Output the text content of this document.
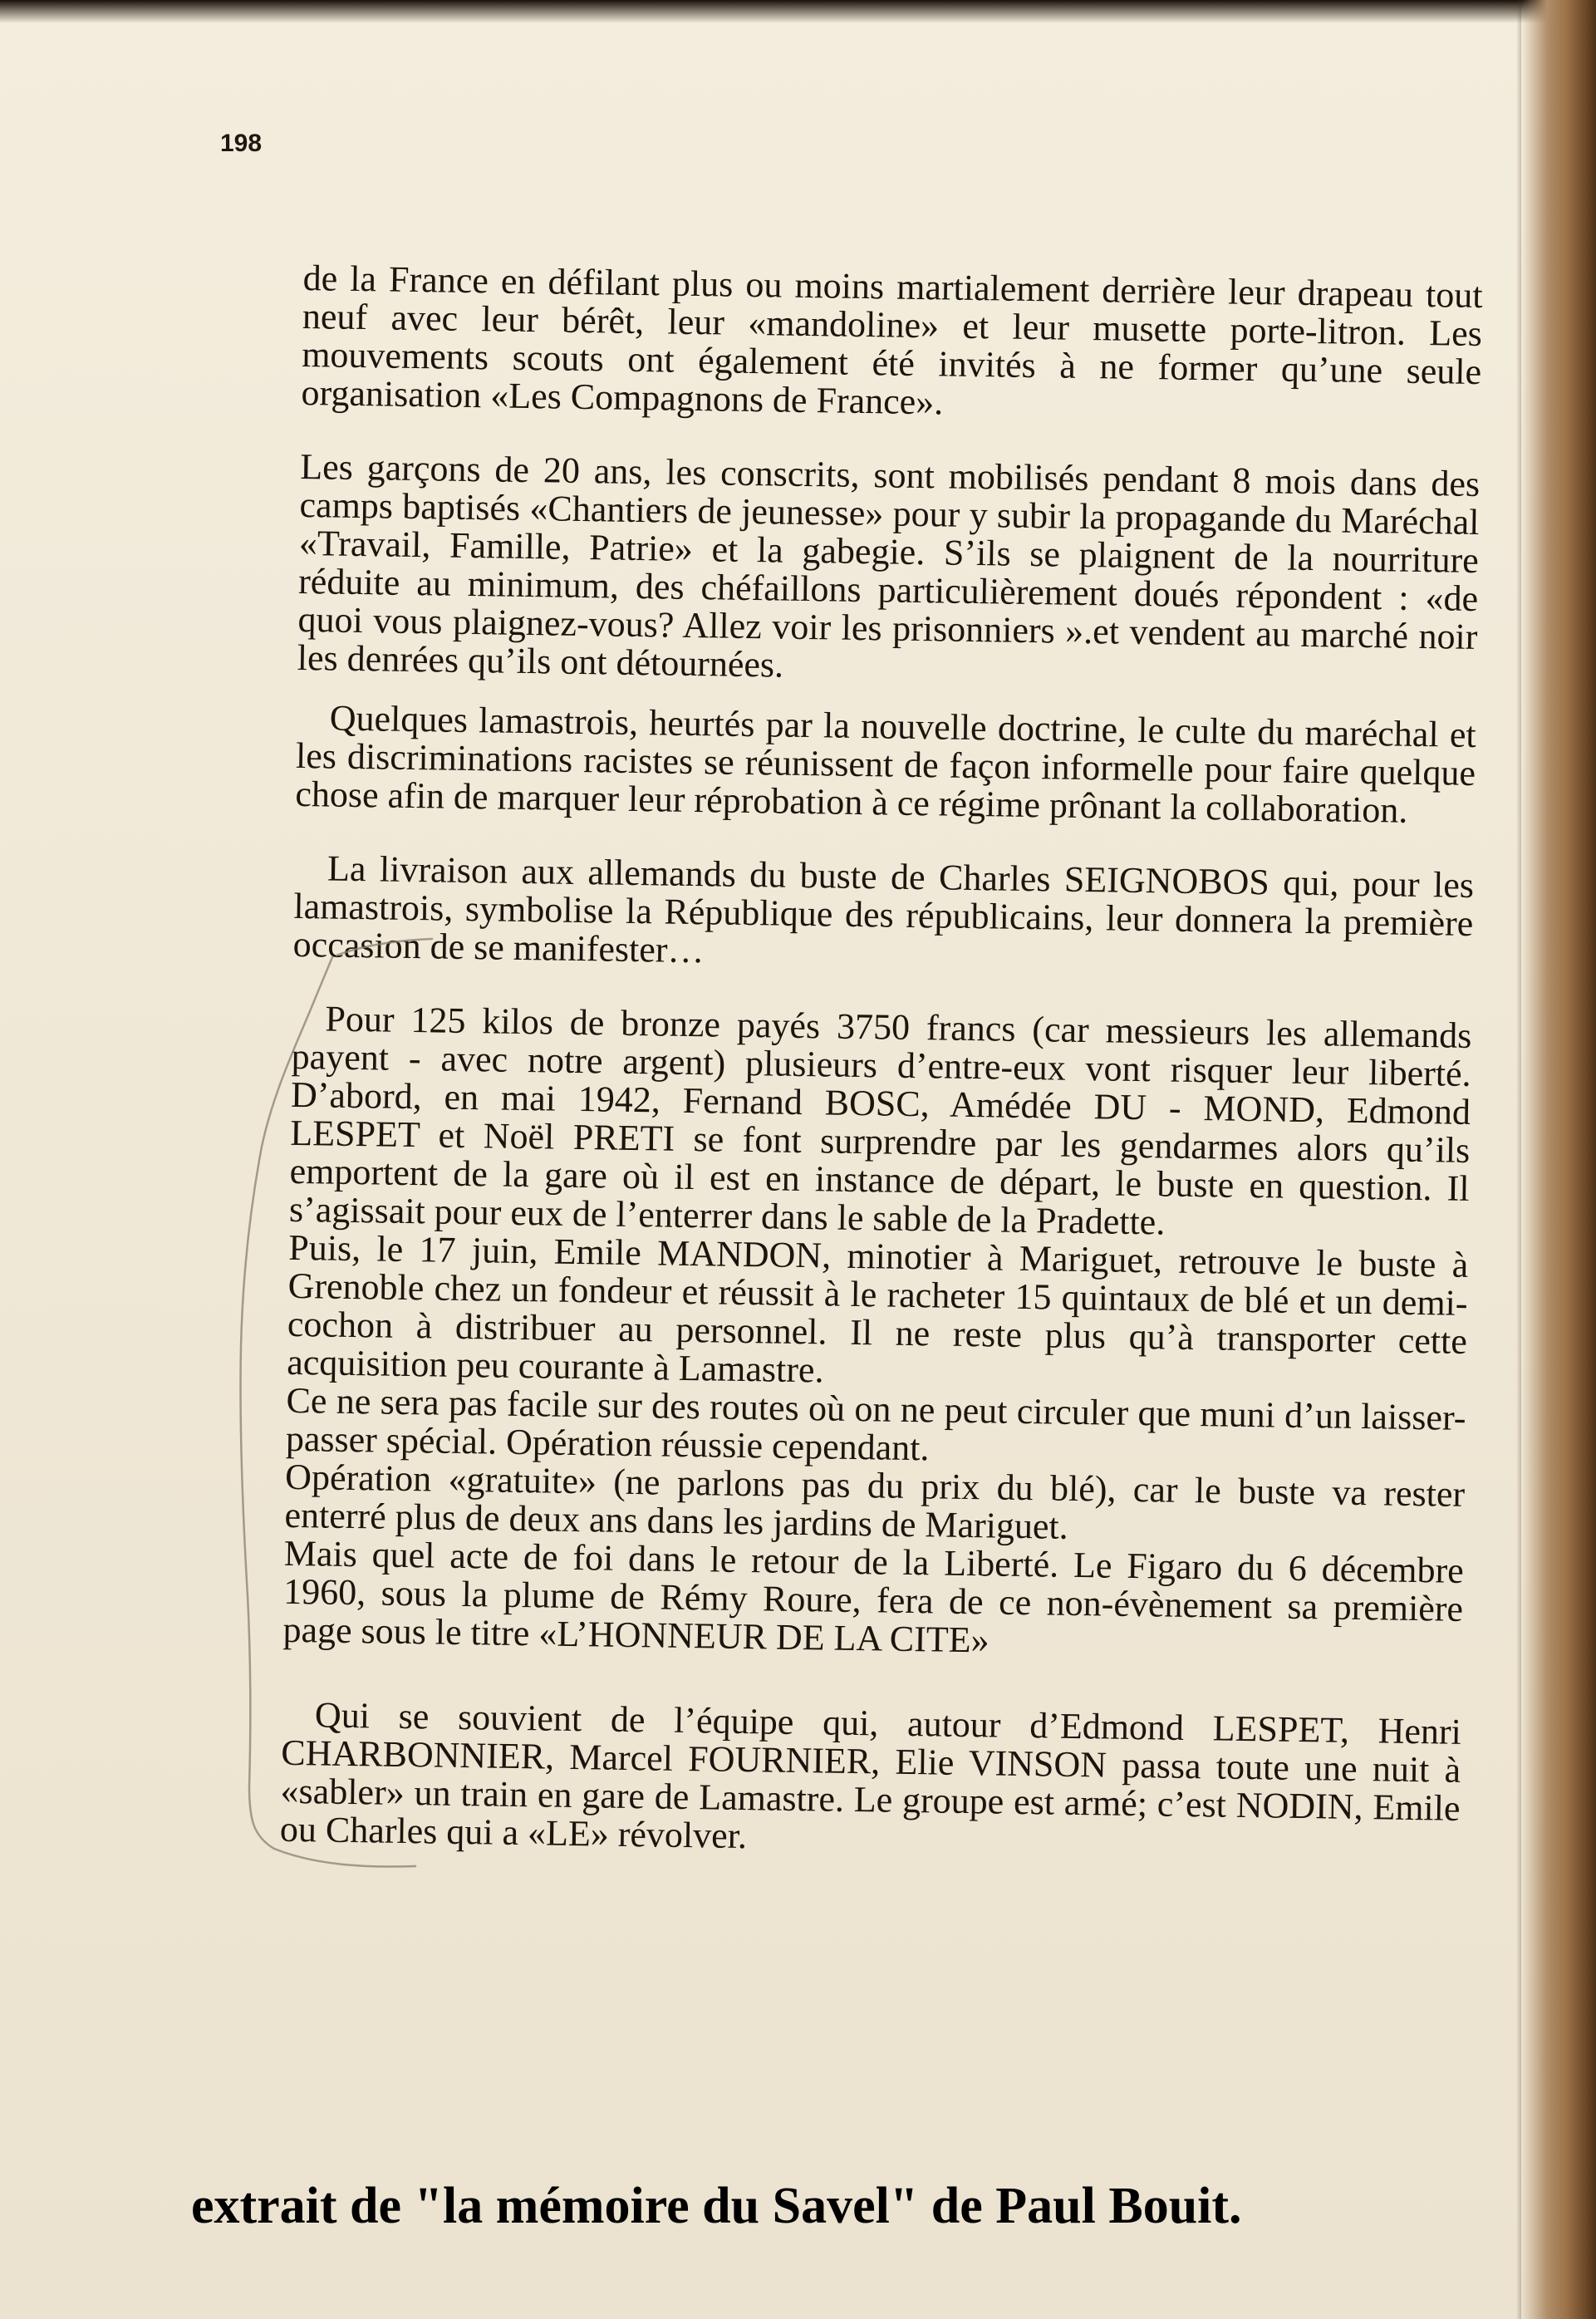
198

de la France en défilant plus ou moins martialement derrière leur drapeau tout neuf avec leur bérêt, leur «mandoline» et leur musette porte-litron. Les mouvements scouts ont également été invités à ne former qu’une seule organisation «Les Compagnons de France».

Les garçons de 20 ans, les conscrits, sont mobilisés pendant 8 mois dans des camps baptisés «Chantiers de jeunesse» pour y subir la propagande du Maréchal «Travail, Famille, Patrie» et la gabegie. S’ils se plaignent de la nourriture réduite au minimum, des chéfaillons particulièrement doués répondent : «de quoi vous plaignez-vous? Allez voir les prisonniers ».et vendent au marché noir les denrées qu’ils ont détournées.

Quelques lamastrois, heurtés par la nouvelle doctrine, le culte du maréchal et les discriminations racistes se réunissent de façon informelle pour faire quelque chose afin de marquer leur réprobation à ce régime prônant la collaboration.

La livraison aux allemands du buste de Charles SEIGNOBOS qui, pour les lamastrois, symbolise la République des républicains, leur donnera la première occasion de se manifester…

Pour 125 kilos de bronze payés 3750 francs (car messieurs les allemands payent - avec notre argent) plusieurs d’entre-eux vont risquer leur liberté. D’abord, en mai 1942, Fernand BOSC, Amédée DU - MOND, Edmond LESPET et Noël PRETI se font surprendre par les gendarmes alors qu’ils emportent de la gare où il est en instance de départ, le buste en question. Il s’agissait pour eux de l’enterrer dans le sable de la Pradette.

Puis, le 17 juin, Emile MANDON, minotier à Mariguet, retrouve le buste à Grenoble chez un fondeur et réussit à le racheter 15 quintaux de blé et un demi-cochon à distribuer au personnel. Il ne reste plus qu’à transporter cette acquisition peu courante à Lamastre.

Ce ne sera pas facile sur des routes où on ne peut circuler que muni d’un laisser-passer spécial. Opération réussie cependant.

Opération «gratuite» (ne parlons pas du prix du blé), car le buste va rester enterré plus de deux ans dans les jardins de Mariguet.

Mais quel acte de foi dans le retour de la Liberté. Le Figaro du 6 décembre 1960, sous la plume de Rémy Roure, fera de ce non-évènement sa première page sous le titre «L’HONNEUR DE LA CITE»

Qui se souvient de l’équipe qui, autour d’Edmond LESPET, Henri CHARBONNIER, Marcel FOURNIER, Elie VINSON passa toute une nuit à «sabler» un train en gare de Lamastre. Le groupe est armé; c’est NODIN, Emile ou Charles qui a «LE» révolver.

extrait de "la mémoire du Savel" de Paul Bouit.
